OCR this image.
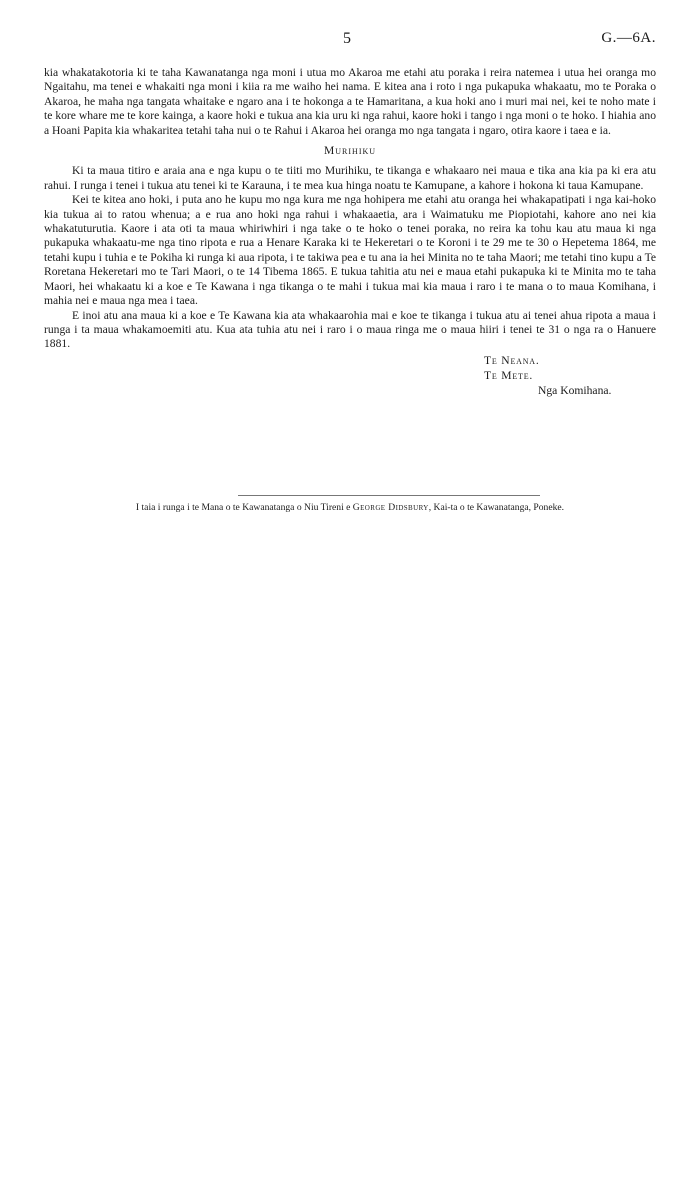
5	G.—6A.

kia whakatakotoria ki te taha Kawanatanga nga moni i utua mo Akaroa me etahi atu poraka i reira natemea i utua hei oranga mo Ngaitahu, ma tenei e whakaiti nga moni i kiia ra me waiho hei nama. E kitea ana i roto i nga pukapuka whakaatu, mo te Poraka o Akaroa, he maha nga tangata whaitake e ngaro ana i te hokonga a te Hamaritana, a kua hoki ano i muri mai nei, kei te noho mate i te kore whare me te kore kainga, a kaore hoki e tukua ana kia uru ki nga rahui, kaore hoki i tango i nga moni o te hoko. I hiahia ano a Hoani Papita kia whakaritea tetahi taha nui o te Rahui i Akaroa hei oranga mo nga tangata i ngaro, otira kaore i taea e ia.

Murihiku

Ki ta maua titiro e araia ana e nga kupu o te tiiti mo Murihiku, te tikanga e whakaaro nei maua e tika ana kia pa ki era atu rahui. I runga i tenei i tukua atu tenei ki te Karauna, i te mea kua hinga noatu te Kamupane, a kahore i hokona ki taua Kamupane.

Kei te kitea ano hoki, i puta ano he kupu mo nga kura me nga hohipera me etahi atu oranga hei whakapatipati i nga kai-hoko kia tukua ai to ratou whenua; a e rua ano hoki nga rahui i whakaaetia, ara i Waimatuku me Piopiotahi, kahore ano nei kia whakatuturutia. Kaore i ata oti ta maua whiriwhiri i nga take o te hoko o tenei poraka, no reira ka tohu kau atu maua ki nga pukapuka whakaatu-me nga tino ripota e rua a Henare Karaka ki te Hekeretari o te Koroni i te 29 me te 30 o Hepetema 1864, me tetahi kupu i tuhia e te Pokiha ki runga ki aua ripota, i te takiwa pea e tu ana ia hei Minita no te taha Maori; me tetahi tino kupu a Te Roretana Hekeretari mo te Tari Maori, o te 14 Tibema 1865. E tukua tahitia atu nei e maua etahi pukapuka ki te Minita mo te taha Maori, hei whakaatu ki a koe e Te Kawana i nga tikanga o te mahi i tukua mai kia maua i raro i te mana o to maua Komihana, i mahia nei e maua nga mea i taea.

E inoi atu ana maua ki a koe e Te Kawana kia ata whakaarohia mai e koe te tikanga i tukua atu ai tenei ahua ripota a maua i runga i ta maua whakamoemiti atu. Kua ata tuhia atu nei i raro i o maua ringa me o maua hiiri i tenei te 31 o nga ra o Hanuere 1881.

Te Neana.
Te Mete.
Nga Komihana.
I taia i runga i te Mana o te Kawanatanga o Niu Tireni e George Didsbury, Kai-ta o te Kawanatanga, Poneke.
